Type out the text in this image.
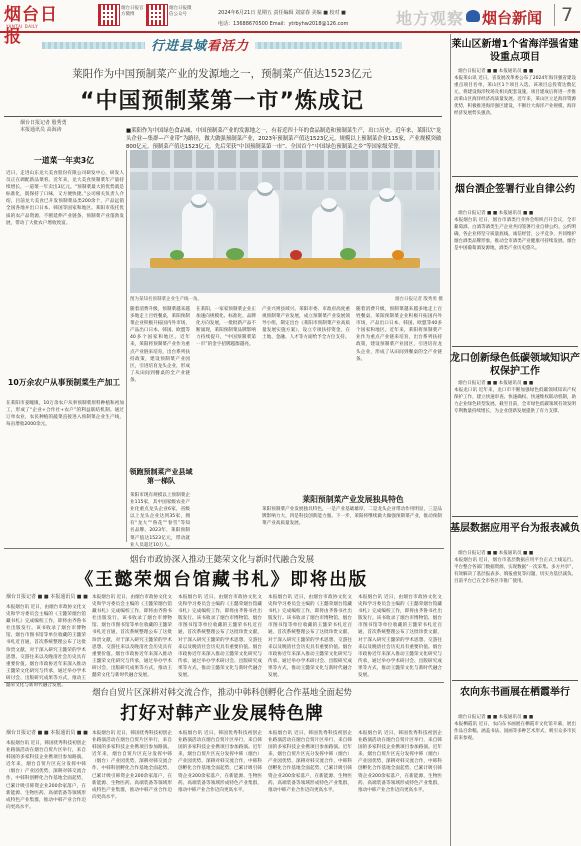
烟台日报
YANTAI DAILY
烟台日报官方微博
烟台日报微信公众号	2024年6月21日 星期五 责任编辑 刘富春 美编 ■ 校对 ■
电话：13688670500 Email：ytrbyhw2018@126.com	地方观察 烟台新闻 7
行进县域看活力
莱阳作为中国预制菜产业的发源地之一，预制菜产值达1523亿元
“中国预制菜第一市”炼成记
烟台日报记者 殷秀勇
本报通讯员 高海涛	■莱阳作为中国绿色食品城、中国预制菜产业的发源地之一，有着近四十年的食品制造和预制菜生产，出口历史。近年来，莱阳以“龙头企业—集群—产业带”为路径，做大做强预制菜产业，2023年预制菜产值达1523亿元，规模以上预制菜企业115家，产业规模突破800亿元。预制菜产值达1523亿元。先后荣获“中国预制菜第一市”、全国首个“中国绿色预制菜之乡”等国家级荣誉。
一道菜一年卖3亿
近日，走进山东龙大美食股份有限公司研发中心，研发人员正在调配新品菜肴。近年来，龙大美食预制菜年产量持续增长，一道菜一年卖出3亿元。“预制菜最大的优势就是标准化，既保持了口味，又方便快捷。”公司相关负责人介绍，目前龙大美食已开发预制菜品类200余个，产品远销全国各地并出口日本、韩国等国家和地区。莱阳市依托优质的农产品资源，不断延伸产业链条，预制菜产业蓬勃发展，带动了大批农户增收致富。
10万余农户从事预制菜生产加工
在莱阳市姜疃镇，10万余农户从事预制菜原料种植和初加工，形成了“企业+合作社+农户”的利益联结机制。通过订单农业，农民种植的蔬菜直接进入预制菜企业生产线，每亩增收2000余元。
图为某知名预制菜企业生产线一角。	烟台日报记者 殷秀勇 摄
随着消费升级，预制菜越来越多地走上百姓餐桌，莱阳预制菜企业积极开拓国内外市场，产品出口日本、韩国、欧盟等40多个国家和地区。近年来，莱阳将预制菜产业作为重点产业链来培育，出台系列扶持政策，建设预制菜产业园区，引进培育龙头企业，形成了从田间到餐桌的全产业链条。
领跑预制菜产业县域第一梯队
莱阳市现有规模以上预制菜企业115家，其中国家级农业产业化重点龙头企业6家，省级以上龙头企业达到35家，拥有“龙大”“鲁花”“春雪”等知名品牌。2023年，莱阳预制菜产值达1523亿元，带动就业人员超过10万人。
在莱阳，一家家预制菜企业正加速向规模化、标准化、品牌化方向发展，一批批新产品不断涌现，莱阳预制菜品牌影响力持续提升，“中国预制菜第一市”的金字招牌越擦越亮。
产业兴则县域兴。莱阳市委、市政府高度重视预制菜产业发展，成立预制菜产业发展领导小组，制定出台《莱阳市预制菜产业高质量发展实施方案》，设立专项扶持资金，在土地、金融、人才等方面给予全方位支持。
随着消费升级，预制菜越来越多地走上百姓餐桌，莱阳预制菜企业积极开拓国内外市场，产品出口日本、韩国、欧盟等40多个国家和地区。近年来，莱阳将预制菜产业作为重点产业链来培育，出台系列扶持政策，建设预制菜产业园区，引进培育龙头企业，形成了从田间到餐桌的全产业链条。
莱阳预制菜产业发展独具特色
莱阳预制菜产业发展独具特色，一是产业基础雄厚，二是龙头企业带动作用明显，三是品牌影响力大，四是科技创新能力强。下一步，莱阳将继续做大做强预制菜产业，推动预制菜产业高质量发展。
烟台市政协深入推动王懿荣文化与新时代融合发展
《王懿荣烟台馆藏书札》即将出版
烟台日报记者 ■ ■ 本报通讯员 ■ ■
本报烟台讯 近日，由烟台市政协文化文史和学习委员会主编的《王懿荣烟台馆藏书札》完成编校工作，即将由齐鲁书社出版发行。该书收录了烟台市博物馆、烟台市图书馆等单位收藏的王懿荣书札近百通，首次系统整理公布了这批珍贵文献，对于深入研究王懿荣的学术思想、交游往来以及晚清社会历史具有重要价值。烟台市政协近年来深入推动王懿荣文化研究与传承，通过举办学术研讨会、出版研究成果等方式，推动王懿荣文化与新时代融合发展。
本报烟台讯 近日，由烟台市政协文化文史和学习委员会主编的《王懿荣烟台馆藏书札》完成编校工作，即将由齐鲁书社出版发行。该书收录了烟台市博物馆、烟台市图书馆等单位收藏的王懿荣书札近百通，首次系统整理公布了这批珍贵文献，对于深入研究王懿荣的学术思想、交游往来以及晚清社会历史具有重要价值。烟台市政协近年来深入推动王懿荣文化研究与传承，通过举办学术研讨会、出版研究成果等方式，推动王懿荣文化与新时代融合发展。
本报烟台讯 近日，由烟台市政协文化文史和学习委员会主编的《王懿荣烟台馆藏书札》完成编校工作，即将由齐鲁书社出版发行。该书收录了烟台市博物馆、烟台市图书馆等单位收藏的王懿荣书札近百通，首次系统整理公布了这批珍贵文献，对于深入研究王懿荣的学术思想、交游往来以及晚清社会历史具有重要价值。烟台市政协近年来深入推动王懿荣文化研究与传承，通过举办学术研讨会、出版研究成果等方式，推动王懿荣文化与新时代融合发展。
本报烟台讯 近日，由烟台市政协文化文史和学习委员会主编的《王懿荣烟台馆藏书札》完成编校工作，即将由齐鲁书社出版发行。该书收录了烟台市博物馆、烟台市图书馆等单位收藏的王懿荣书札近百通，首次系统整理公布了这批珍贵文献，对于深入研究王懿荣的学术思想、交游往来以及晚清社会历史具有重要价值。烟台市政协近年来深入推动王懿荣文化研究与传承，通过举办学术研讨会、出版研究成果等方式，推动王懿荣文化与新时代融合发展。
本报烟台讯 近日，由烟台市政协文化文史和学习委员会主编的《王懿荣烟台馆藏书札》完成编校工作，即将由齐鲁书社出版发行。该书收录了烟台市博物馆、烟台市图书馆等单位收藏的王懿荣书札近百通，首次系统整理公布了这批珍贵文献，对于深入研究王懿荣的学术思想、交游往来以及晚清社会历史具有重要价值。烟台市政协近年来深入推动王懿荣文化研究与传承，通过举办学术研讨会、出版研究成果等方式，推动王懿荣文化与新时代融合发展。
烟台自贸片区深耕对韩交流合作，推动中韩科创孵化合作基地全面起势
打好对韩产业发展特色牌
烟台日报记者 ■ ■ 本报通讯员 ■ ■
本报烟台讯 近日，韩国优秀科技初创企业路演活动在烟台自贸片区举行，来自韩国的多家科技企业携项目参加路演。近年来，烟台自贸片区充分发挥中韩（烟台）产业园优势，深耕对韩交流合作，中韩科创孵化合作基地全面起势，已累计吸引韩资企业200余家落户，在新能源、生物医药、高端装备等领域形成特色产业集群，推动中韩产业合作迈向更高水平。
本报烟台讯 近日，韩国优秀科技初创企业路演活动在烟台自贸片区举行，来自韩国的多家科技企业携项目参加路演。近年来，烟台自贸片区充分发挥中韩（烟台）产业园优势，深耕对韩交流合作，中韩科创孵化合作基地全面起势，已累计吸引韩资企业200余家落户，在新能源、生物医药、高端装备等领域形成特色产业集群，推动中韩产业合作迈向更高水平。
本报烟台讯 近日，韩国优秀科技初创企业路演活动在烟台自贸片区举行，来自韩国的多家科技企业携项目参加路演。近年来，烟台自贸片区充分发挥中韩（烟台）产业园优势，深耕对韩交流合作，中韩科创孵化合作基地全面起势，已累计吸引韩资企业200余家落户，在新能源、生物医药、高端装备等领域形成特色产业集群，推动中韩产业合作迈向更高水平。
本报烟台讯 近日，韩国优秀科技初创企业路演活动在烟台自贸片区举行，来自韩国的多家科技企业携项目参加路演。近年来，烟台自贸片区充分发挥中韩（烟台）产业园优势，深耕对韩交流合作，中韩科创孵化合作基地全面起势，已累计吸引韩资企业200余家落户，在新能源、生物医药、高端装备等领域形成特色产业集群，推动中韩产业合作迈向更高水平。
本报烟台讯 近日，韩国优秀科技初创企业路演活动在烟台自贸片区举行，来自韩国的多家科技企业携项目参加路演。近年来，烟台自贸片区充分发挥中韩（烟台）产业园优势，深耕对韩交流合作，中韩科创孵化合作基地全面起势，已累计吸引韩资企业200余家落户，在新能源、生物医药、高端装备等领域形成特色产业集群，推动中韩产业合作迈向更高水平。
莱山区新增1个省海洋强省建设重点项目
烟台日报记者 ■ ■ 本报通讯员 ■ ■
本报莱山讯 近日，省发展改革委公布了2024年海洋强省建设重点项目名单，莱山区1个项目入选。该项目总投资达数亿元，将建设海洋牧场及相关配套设施，项目建成后将进一步推动莱山区海洋经济高质量发展。近年来，莱山区立足海洋资源优势，积极推进海洋强区建设，不断壮大海洋产业规模，海洋经济发展势头强劲。
烟台酒企签署行业自律公约
烟台日报记者 ■ ■ 本报通讯员 ■ ■
本报烟台讯 近日，烟台市酒类行业协会组织召开会议，全市葡萄酒、白酒等酒类生产企业共同签署行业自律公约。公约明确，各企业将坚守质量底线，诚信经营，公平竞争，共同维护烟台酒类品牌形象，推动全市酒类产业健康可持续发展。烟台是中国葡萄酒发源地，酒类产业历史悠久。
龙口创新绿色低碳领域知识产权保护工作
烟台日报记者 ■ ■ 本报通讯员 ■ ■
本报龙口讯 近年来，龙口市不断加强绿色低碳领域知识产权保护工作，建立快速审查、快速确权、快速维权联动机制，助力企业绿色转型发展。截至目前，全市绿色低碳领域有效发明专利数量持续增长，为企业创新发展提供了有力支撑。
基层数据应用平台为报表减负
烟台日报记者 ■ ■ 本报通讯员 ■ ■
本报烟台讯 近日，烟台市基层数据应用平台正式上线运行。平台整合各部门数据资源，实现数据“一次采集、多方共享”，有效解决了基层报表多、填报重复等问题，切实为基层减负。目前平台已在全市各区市推广使用。
农向东书画展在栖霞举行
烟台日报记者 ■ ■ 本报通讯员 ■ ■
本报栖霞讯 近日，农向东书画展在栖霞市文化馆开幕，展出作品百余幅，涵盖书法、国画等多种艺术形式，吸引众多市民前来参观。
